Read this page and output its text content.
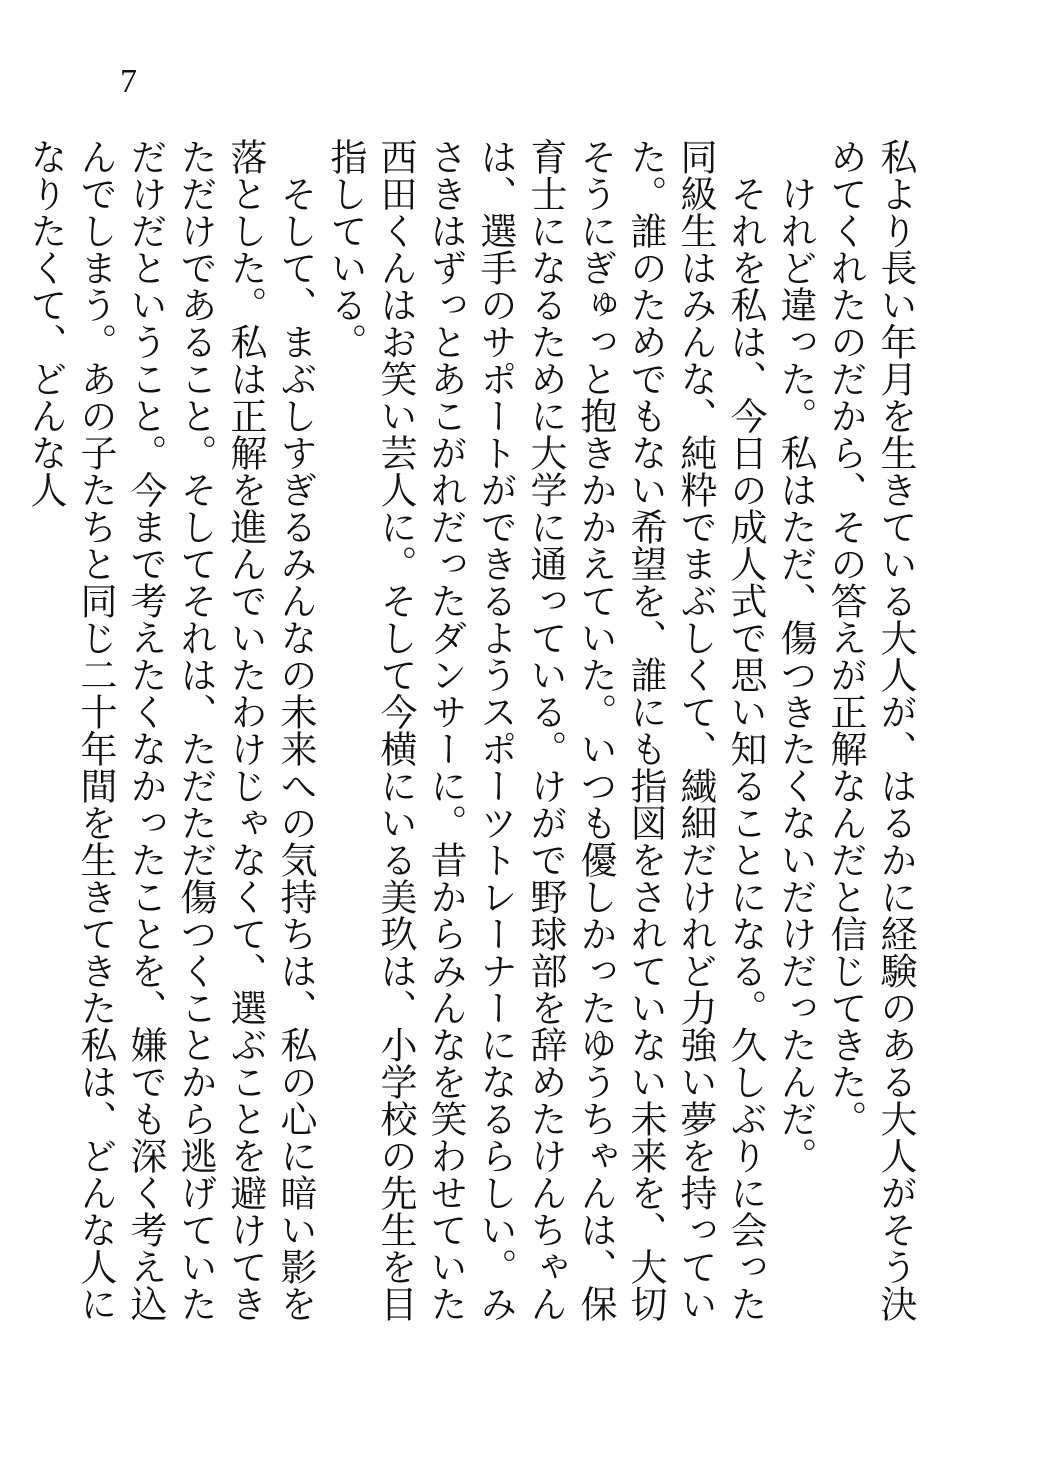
7

私より長い年月を生きている大人が、はるかに経験のある大人がそう決めてくれたのだから、その答えが正解なんだと信じてきた。

けれど違った。私はただ、傷つきたくないだけだったんだ。

それを私は、今日の成人式で思い知ることになる。久しぶりに会った同級生はみんな、純粋でまぶしくて、繊細だけれど力強い夢を持っていた。誰のためでもない希望を、誰にも指図をされていない未来を、大切そうにぎゅっと抱きかかえていた。いつも優しかったゆうちゃんは、保育士になるために大学に通っている。けがで野球部を辞めたけんちゃんは、選手のサポートができるようスポーツトレーナーになるらしい。みさきはずっとあこがれだったダンサーに。昔からみんなを笑わせていた西田くんはお笑い芸人に。そして今横にいる美玖は、小学校の先生を目指している。

そして、まぶしすぎるみんなの未来への気持ちは、私の心に暗い影を落とした。私は正解を進んでいたわけじゃなくて、選ぶことを避けてきただけであること。そしてそれは、ただただ傷つくことから逃げていただけだということ。今まで考えたくなかったことを、嫌でも深く考え込んでしまう。あの子たちと同じ二十年間を生きてきた私は、どんな人になりたくて、どんな人
